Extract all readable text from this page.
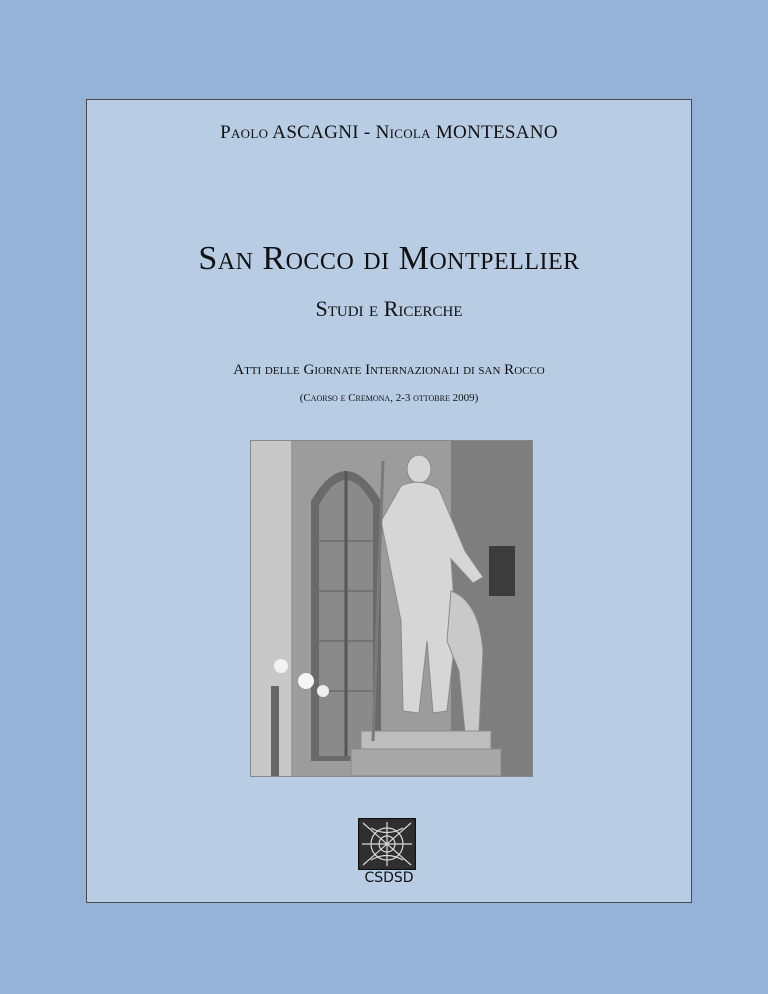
Paolo ASCAGNI - Nicola MONTESANO
San Rocco di Montpellier
Studi e Ricerche
Atti delle Giornate Internazionali di san Rocco
(Caorso e Cremona, 2-3 ottobre 2009)
CSDSD
